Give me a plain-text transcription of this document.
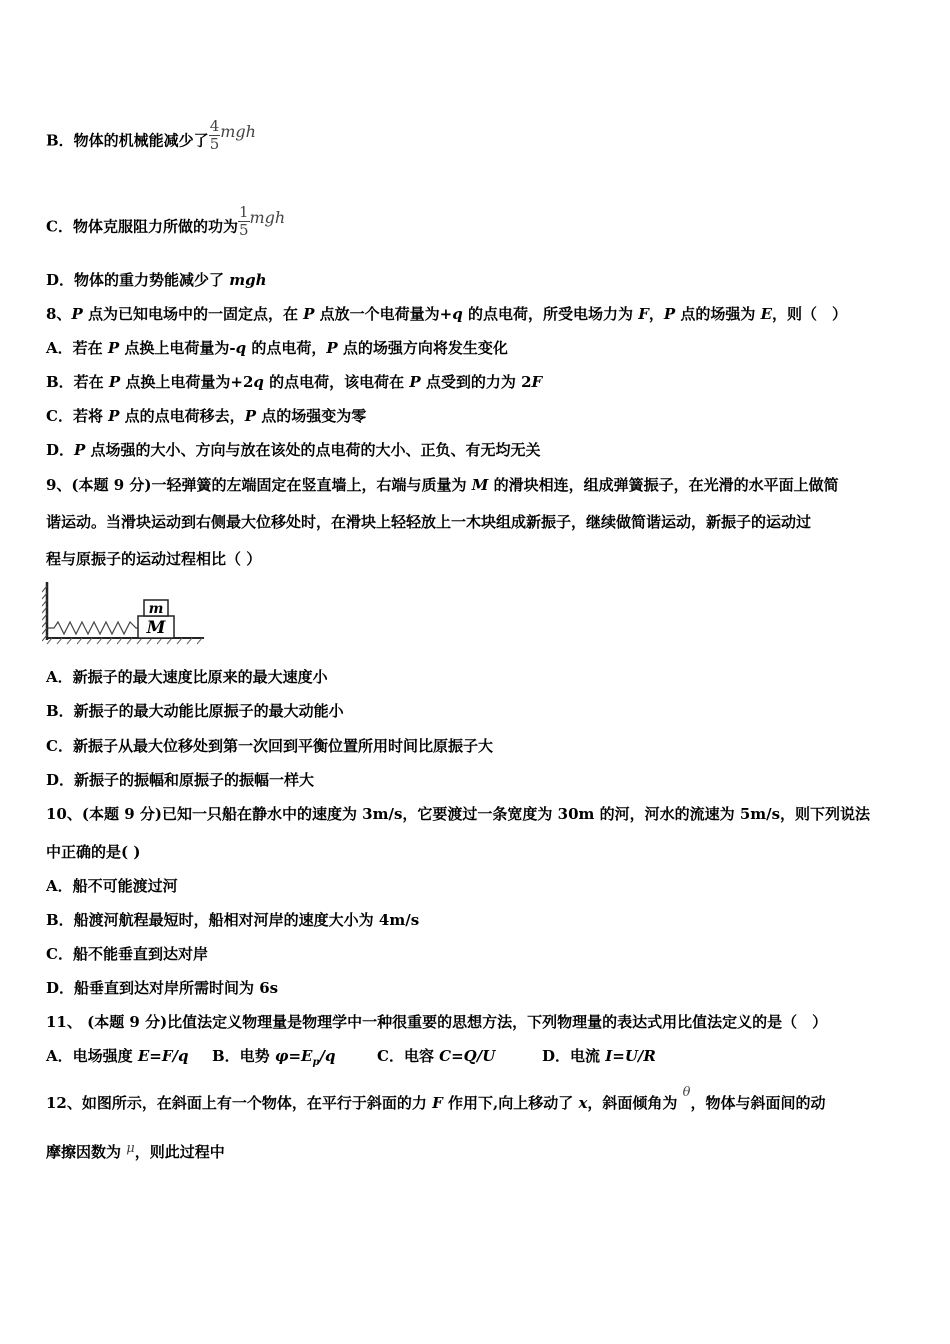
B．物体的机械能减少了 $\frac{4}{5}$ mgh
C．物体克服阻力所做的功为 $\frac{1}{5}$ mgh
D．物体的重力势能减少了 mgh
8、P 点为已知电场中的一固定点，在 P 点放一个电荷量为+q 的点电荷，所受电场力为 F，P 点的场强为 E，则（　）
A．若在 P 点换上电荷量为-q 的点电荷，P 点的场强方向将发生变化
B．若在 P 点换上电荷量为+2q 的点电荷，该电荷在 P 点受到的力为 2F
C．若将 P 点的点电荷移去，P 点的场强变为零
D．P 点场强的大小、方向与放在该处的点电荷的大小、正负、有无均无关
9、(本题 9 分)一轻弹簧的左端固定在竖直墙上，右端与质量为 M 的滑块相连，组成弹簧振子，在光滑的水平面上做简
谐运动。当滑块运动到右侧最大位移处时，在滑块上轻轻放上一木块组成新振子，继续做简谐运动，新振子的运动过
程与原振子的运动过程相比（ ）
M
m
A．新振子的最大速度比原来的最大速度小
B．新振子的最大动能比原振子的最大动能小
C．新振子从最大位移处到第一次回到平衡位置所用时间比原振子大
D．新振子的振幅和原振子的振幅一样大
10、(本题 9 分)已知一只船在静水中的速度为 3m/s，它要渡过一条宽度为 30m 的河，河水的流速为 5m/s，则下列说法
中正确的是( )
A．船不可能渡过河
B．船渡河航程最短时，船相对河岸的速度大小为 4m/s
C．船不能垂直到达对岸
D．船垂直到达对岸所需时间为 6s
11、 (本题 9 分)比值法定义物理量是物理学中一种很重要的思想方法，下列物理量的表达式用比值法定义的是（　）
A．电场强度 E=F/q B．电势 $\varphi=E_p/q$	C．电容 C=Q/U	D．电流 I=U/R
12、如图所示，在斜面上有一个物体，在平行于斜面的力 F 作用下,向上移动了 x，斜面倾角为 θ，物体与斜面间的动
摩擦因数为 μ，则此过程中
